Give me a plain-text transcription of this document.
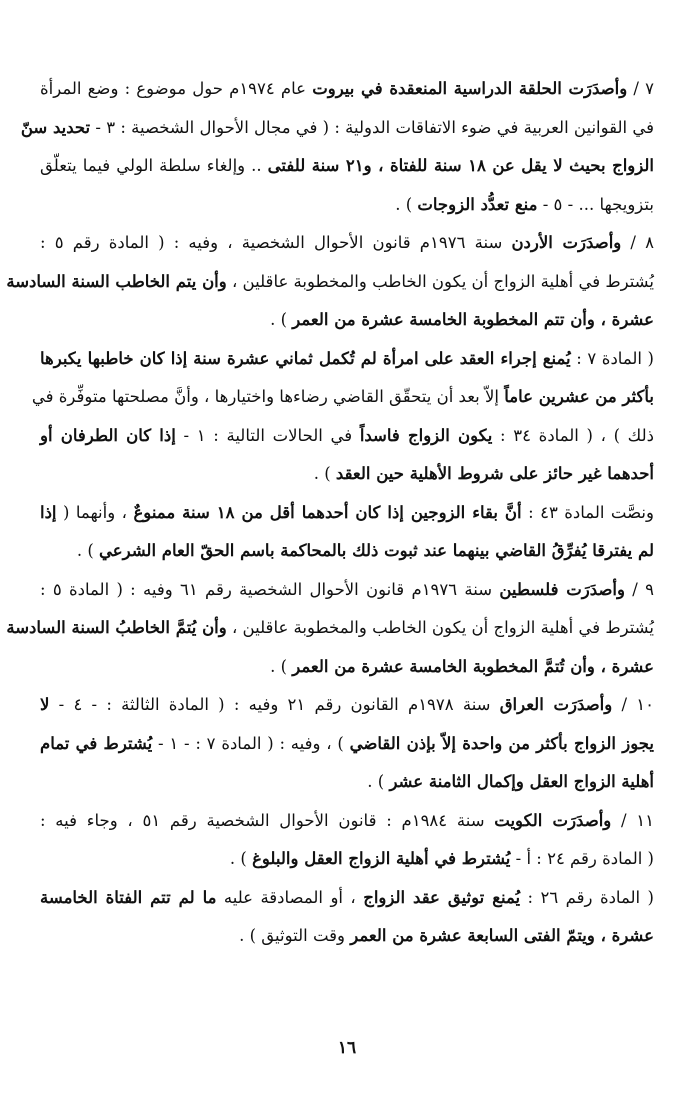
٧ / وأصدَرَت الحلقة الدراسية المنعقدة في بيروت عام ١٩٧٤م حول موضوع : وضع المرأة
في القوانين العربية في ضوء الاتفاقات الدولية : ( في مجال الأحوال الشخصية : ٣ - تحديد سنّ
الزواج بحيث لا يقل عن ١٨ سنة للفتاة ، و٢١ سنة للفتى .. وإلغاء سلطة الولي فيما يتعلّق
بتزويجها ... - ٥ - منع تعدُّد الزوجات ) .
٨ / وأصدَرَت الأردن سنة ١٩٧٦م قانون الأحوال الشخصية ، وفيه : ( المادة رقم ٥ :
يُشترط في أهلية الزواج أن يكون الخاطب والمخطوبة عاقلين ، وأن يتم الخاطب السنة السادسة
عشرة ، وأن تتم المخطوبة الخامسة عشرة من العمر ) .
( المادة ٧ : يُمنع إجراء العقد على امرأة لم تُكمل ثماني عشرة سنة إذا كان خاطبها يكبرها
بأكثر من عشرين عاماً إلاّ بعد أن يتحقّق القاضي رضاءها واختيارها ، وأنَّ مصلحتها متوفِّرة في
ذلك ) ، ( المادة ٣٤ : يكون الزواج فاسداً في الحالات التالية : ١ - إذا كان الطرفان أو
أحدهما غير حائز على شروط الأهلية حين العقد ) .
ونصَّت المادة ٤٣ : أنَّ بقاء الزوجين إذا كان أحدهما أقل من ١٨ سنة ممنوعٌ ، وأنهما ( إذا
لم يفترقا يُفرِّقُ القاضي بينهما عند ثبوت ذلك بالمحاكمة باسم الحقّ العام الشرعي ) .
٩ / وأصدَرَت فلسطين سنة ١٩٧٦م قانون الأحوال الشخصية رقم ٦١ وفيه : ( المادة ٥ :
يُشترط في أهلية الزواج أن يكون الخاطب والمخطوبة عاقلين ، وأن يُتمَّ الخاطبُ السنة السادسة
عشرة ، وأن تُتمَّ المخطوبة الخامسة عشرة من العمر ) .
١٠ / وأصدَرَت العراق سنة ١٩٧٨م القانون رقم ٢١ وفيه : ( المادة الثالثة : - ٤ - لا
يجوز الزواج بأكثر من واحدة إلاّ بإذن القاضي ) ، وفيه : ( المادة ٧ : - ١ - يُشترط في تمام
أهلية الزواج العقل وإكمال الثامنة عشر ) .
١١ / وأصدَرَت الكويت سنة ١٩٨٤م : قانون الأحوال الشخصية رقم ٥١ ، وجاء فيه :
( المادة رقم ٢٤ : أ - يُشترط في أهلية الزواج العقل والبلوغ ) .
( المادة رقم ٢٦ : يُمنع توثيق عقد الزواج ، أو المصادقة عليه ما لم تتم الفتاة الخامسة
عشرة ، ويتمّ الفتى السابعة عشرة من العمر وقت التوثيق ) .
١٦
